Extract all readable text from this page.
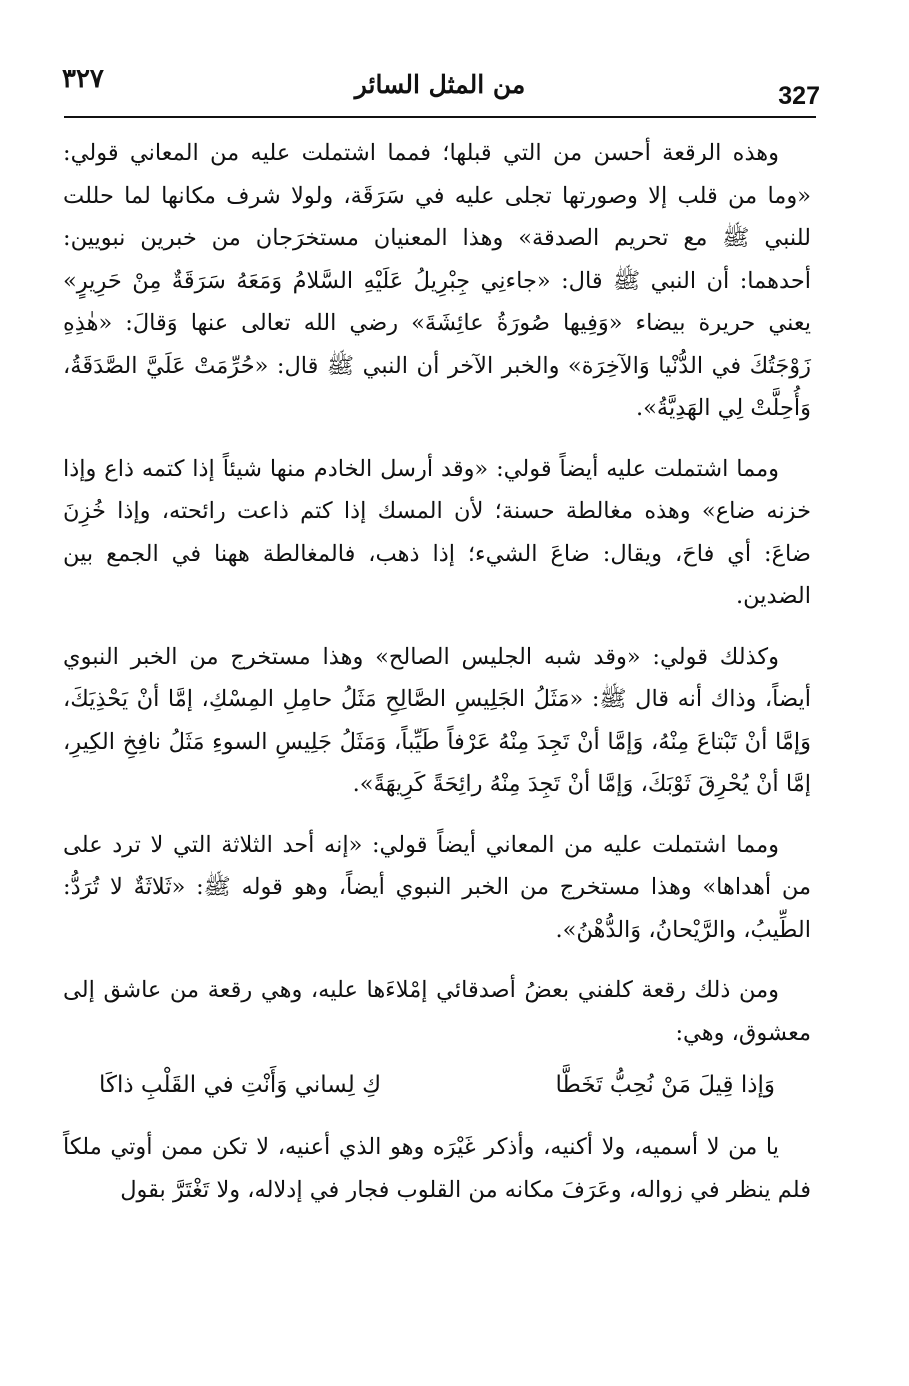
327
من المثل السائر
٣٢٧

وهذه الرقعة أحسن من التي قبلها؛ فمما اشتملت عليه من المعاني قولي: «وما من قلب إلا وصورتها تجلى عليه في سَرَقَة، ولولا شرف مكانها لما حللت للنبي ﷺ مع تحريم الصدقة» وهذا المعنيان مستخرَجان من خبرين نبويين: أحدهما: أن النبي ﷺ قال: «جاءنِي جِبْرِيلُ عَلَيْهِ السَّلامُ وَمَعَهُ سَرَقَةٌ مِنْ حَرِيرٍ» يعني حريرة بيضاء «وَفِيها صُورَةُ عائِشَةَ» رضي الله تعالى عنها وَقالَ: «هٰذِهِ زَوْجَتُكَ في الدُّنْيا وَالآخِرَة» والخبر الآخر أن النبي ﷺ قال: «حُرِّمَتْ عَلَيَّ الصَّدَقَةُ، وَأُحِلَّتْ لِي الهَدِيَّةُ».

ومما اشتملت عليه أيضاً قولي: «وقد أرسل الخادم منها شيئاً إذا كتمه ذاع وإذا خزنه ضاع» وهذه مغالطة حسنة؛ لأن المسك إذا كتم ذاعت رائحته، وإذا خُزِنَ ضاعَ: أي فاحَ، ويقال: ضاعَ الشيء؛ إذا ذهب، فالمغالطة ههنا في الجمع بين الضدين.

وكذلك قولي: «وقد شبه الجليس الصالح» وهذا مستخرج من الخبر النبوي أيضاً، وذاك أنه قال ﷺ: «مَثَلُ الجَلِيسِ الصَّالِحِ مَثَلُ حامِلِ المِسْكِ، إمَّا أنْ يَحْذِيَكَ، وَإمَّا أنْ تَبْتاعَ مِنْهُ، وَإمَّا أنْ تَجِدَ مِنْهُ عَرْفاً طَيِّباً، وَمَثَلُ جَلِيسِ السوءِ مَثَلُ نافِخِ الكِيرِ، إمَّا أنْ يُحْرِقَ ثَوْبَكَ، وَإمَّا أنْ تَجِدَ مِنْهُ رائِحَةً كَرِيهَةً».

ومما اشتملت عليه من المعاني أيضاً قولي: «إنه أحد الثلاثة التي لا ترد على من أهداها» وهذا مستخرج من الخبر النبوي أيضاً، وهو قوله ﷺ: «ثَلاثَةٌ لا تُرَدُّ: الطِّيبُ، والرَّيْحانُ، وَالدُّهْنُ».

ومن ذلك رقعة كلفني بعضُ أصدقائي إمْلاءَها عليه، وهي رقعة من عاشق إلى معشوق، وهي:

وَإذا قِيلَ مَنْ نُحِبُّ تَخَطَّا
كِ لِساني وَأَنْتِ في القَلْبِ ذاكَا

يا من لا أسميه، ولا أكنيه، وأذكر غَيْرَه وهو الذي أعنيه، لا تكن ممن أوتي ملكاً فلم ينظر في زواله، وعَرَفَ مكانه من القلوب فجار في إدلاله، ولا تَغْتَرَّ بقول
